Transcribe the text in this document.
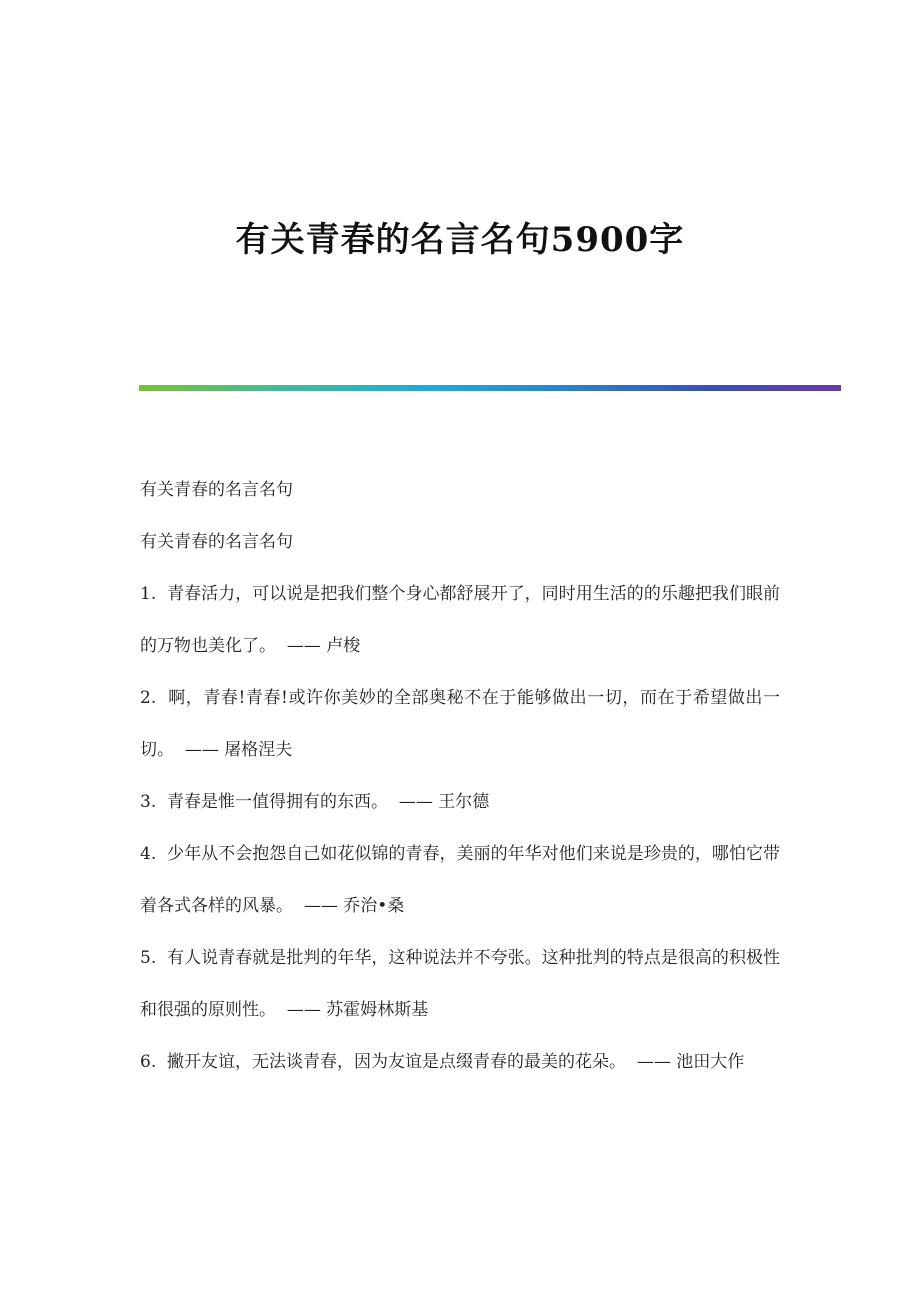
有关青春的名言名句5900字

有关青春的名言名句

有关青春的名言名句

1. 青春活力，可以说是把我们整个身心都舒展开了，同时用生活的的乐趣把我们眼前的万物也美化了。 —— 卢梭

2. 啊，青春!青春!或许你美妙的全部奥秘不在于能够做出一切，而在于希望做出一切。 —— 屠格涅夫

3. 青春是惟一值得拥有的东西。 —— 王尔德

4. 少年从不会抱怨自己如花似锦的青春，美丽的年华对他们来说是珍贵的，哪怕它带着各式各样的风暴。 —— 乔治•桑

5. 有人说青春就是批判的年华，这种说法并不夸张。这种批判的特点是很高的积极性和很强的原则性。 —— 苏霍姆林斯基

6. 撇开友谊，无法谈青春，因为友谊是点缀青春的最美的花朵。 —— 池田大作
